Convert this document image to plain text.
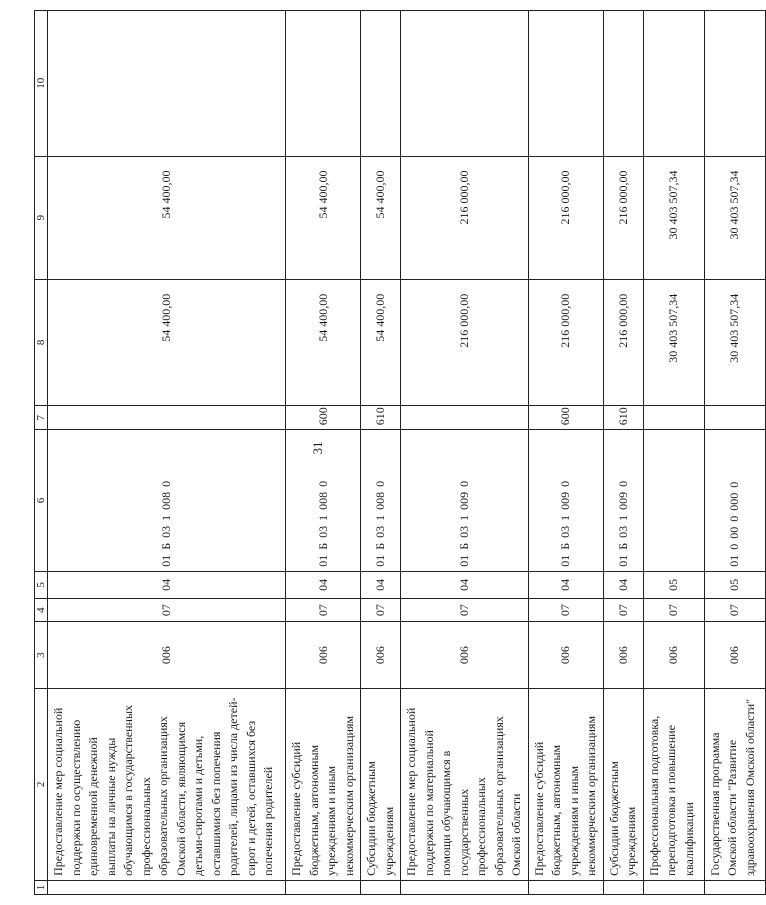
31
1	2	3	4	5	6	7	8	9	10
	Предоставление мер социальной поддержки по осуществлению единовременной денежной выплаты на личные нужды обучающимся в государственных профессиональных образовательных организациях Омской области, являющимся детьми-сиротами и детьми, оставшимися без попечения родителей, лицами из числа детей-сирот и детей, оставшихся без попечения родителей	006	07	04	01 Б 03 1 008 0		54 400,00	54 400,00	
	Предоставление субсидий бюджетным, автономным учреждениям и иным некоммерческим организациям	006	07	04	01 Б 03 1 008 0	600	54 400,00	54 400,00	
	Субсидии бюджетным учреждениям	006	07	04	01 Б 03 1 008 0	610	54 400,00	54 400,00	
	Предоставление мер социальной поддержки по материальной помощи обучающимся в государственных профессиональных образовательных организациях Омской области	006	07	04	01 Б 03 1 009 0		216 000,00	216 000,00	
	Предоставление субсидий бюджетным, автономным учреждениям и иным некоммерческим организациям	006	07	04	01 Б 03 1 009 0	600	216 000,00	216 000,00	
	Субсидии бюджетным учреждениям	006	07	04	01 Б 03 1 009 0	610	216 000,00	216 000,00	
	Профессиональная подготовка, переподготовка и повышение квалификации	006	07	05			30 403 507,34	30 403 507,34	
	Государственная программа Омской области "Развитие здравоохранения Омской области"	006	07	05	01 0 00 0 000 0		30 403 507,34	30 403 507,34	
